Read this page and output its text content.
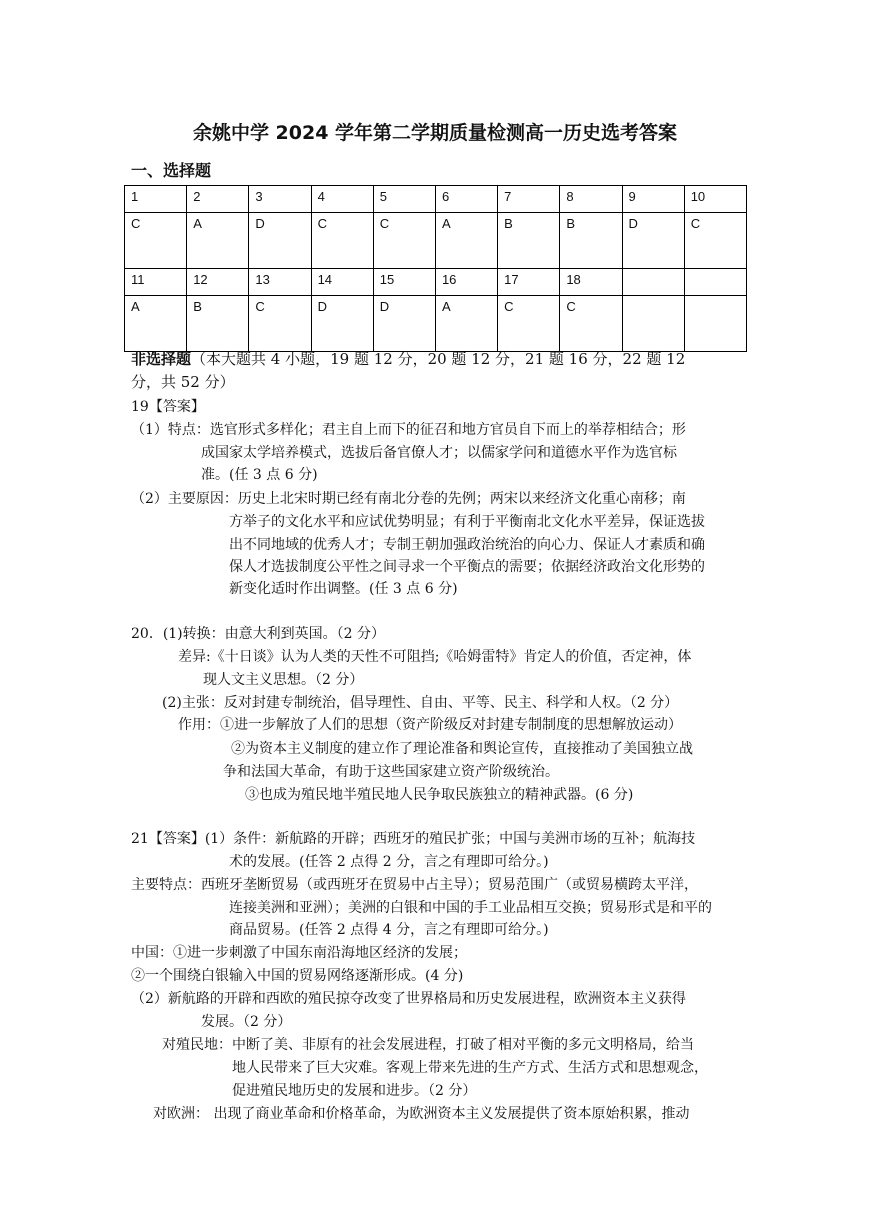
余姚中学 2024 学年第二学期质量检测高一历史选考答案
一、选择题
1	2	3	4	5	6	7	8	9	10
C	A	D	C	C	A	B	B	D	C
11	12	13	14	15	16	17	18		
A	B	C	D	D	A	C	C		
非选择题（本大题共 4 小题，19 题 12 分，20 题 12 分，21 题 16 分，22 题 12
分，共 52 分）
19【答案】
（1）特点：选官形式多样化；君主自上而下的征召和地方官员自下而上的举荐相结合；形
成国家太学培养模式，选拔后备官僚人才；以儒家学问和道德水平作为选官标
准。(任 3 点 6 分)
（2）主要原因：历史上北宋时期已经有南北分卷的先例；两宋以来经济文化重心南移；南
方举子的文化水平和应试优势明显；有利于平衡南北文化水平差异，保证选拔
出不同地域的优秀人才；专制王朝加强政治统治的向心力、保证人才素质和确
保人才选拔制度公平性之间寻求一个平衡点的需要；依据经济政治文化形势的
新变化适时作出调整。(任 3 点 6 分)
20．(1)转换：由意大利到英国。（2 分）
差异:《十日谈》认为人类的天性不可阻挡;《哈姆雷特》肯定人的价值，否定神，体
现人文主义思想。（2 分）
(2)主张：反对封建专制统治，倡导理性、自由、平等、民主、科学和人权。（2 分）
作用：①进一步解放了人们的思想（资产阶级反对封建专制制度的思想解放运动）
②为资本主义制度的建立作了理论准备和舆论宣传，直接推动了美国独立战
争和法国大革命，有助于这些国家建立资产阶级统治。
③也成为殖民地半殖民地人民争取民族独立的精神武器。(6 分)
21【答案】(1）条件：新航路的开辟；西班牙的殖民扩张；中国与美洲市场的互补；航海技
术的发展。(任答 2 点得 2 分，言之有理即可给分。)
主要特点：西班牙垄断贸易（或西班牙在贸易中占主导）；贸易范围广（或贸易横跨太平洋，
连接美洲和亚洲）；美洲的白银和中国的手工业品相互交换；贸易形式是和平的
商品贸易。(任答 2 点得 4 分，言之有理即可给分。)
中国：①进一步刺激了中国东南沿海地区经济的发展；
②一个围绕白银输入中国的贸易网络逐渐形成。(4 分)
（2）新航路的开辟和西欧的殖民掠夺改变了世界格局和历史发展进程，欧洲资本主义获得
发展。（2 分）
对殖民地：中断了美、非原有的社会发展进程，打破了相对平衡的多元文明格局，给当
地人民带来了巨大灾难。客观上带来先进的生产方式、生活方式和思想观念，
促进殖民地历史的发展和进步。（2 分）
对欧洲： 出现了商业革命和价格革命，为欧洲资本主义发展提供了资本原始积累，推动
